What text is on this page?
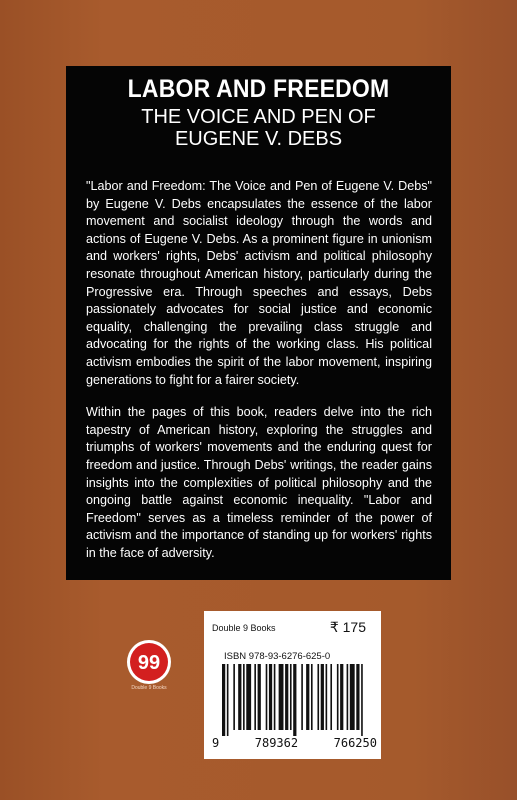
LABOR AND FREEDOM
THE VOICE AND PEN OF
EUGENE V. DEBS

"Labor and Freedom: The Voice and Pen of Eugene V. Debs" by Eugene V. Debs encapsulates the essence of the labor movement and socialist ideology through the words and actions of Eugene V. Debs. As a prominent figure in unionism and workers' rights, Debs' activism and political philosophy resonate throughout American history, particularly during the Progressive era. Through speeches and essays, Debs passionately advocates for social justice and economic equality, challenging the prevailing class struggle and advocating for the rights of the working class. His political activism embodies the spirit of the labor movement, inspiring generations to fight for a fairer society.

Within the pages of this book, readers delve into the rich tapestry of American history, exploring the struggles and triumphs of workers' movements and the enduring quest for freedom and justice. Through Debs' writings, the reader gains insights into the complexities of political philosophy and the ongoing battle against economic inequality. "Labor and Freedom" serves as a timeless reminder of the power of activism and the importance of standing up for workers' rights in the face of adversity.

Double 9 Books	₹ 175
ISBN 978-93-6276-625-0
9	789362	766250
99
Double 9 Books
